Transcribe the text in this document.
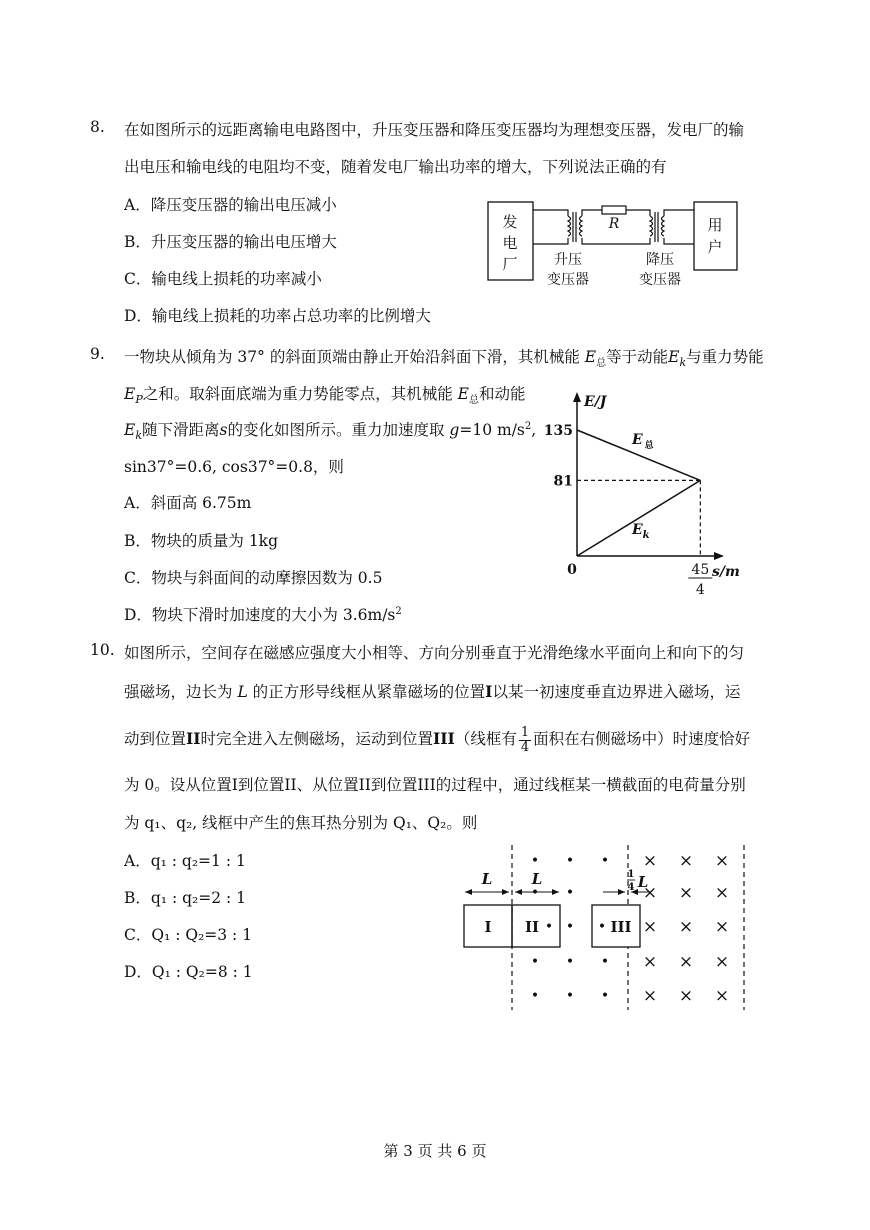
8. 在如图所示的远距离输电电路图中，升压变压器和降压变压器均为理想变压器，发电厂的输
出电压和输电线的电阻均不变，随着发电厂输出功率的增大，下列说法正确的有
A．降压变压器的输出电压减小
B．升压变压器的输出电压增大
C．输电线上损耗的功率减小
D．输电线上损耗的功率占总功率的比例增大
发
电
厂
R	用
户
升压
变压器
降压
变压器
9. 一物块从倾角为 37° 的斜面顶端由静止开始沿斜面下滑，其机械能 $E_总$等于动能$E_k$与重力势能
$E_P$之和。取斜面底端为重力势能零点，其机械能 $E_总$和动能
$E_k$随下滑距离s的变化如图所示。重力加速度取 g=10 $m/s^2$,
sin37°=0.6, cos37°=0.8，则
A．斜面高 6.75m
B．物块的质量为 1kg
C．物块与斜面间的动摩擦因数为 0.5
D．物块下滑时加速度的大小为 $3.6m/s^2$
E/J
s/m
0
135
81
E $_总$
$E_k$
45
4
10. 如图所示，空间存在磁感应强度大小相等、方向分别垂直于光滑绝缘水平面向上和向下的匀
强磁场，边长为 L 的正方形导线框从紧靠磁场的位置I以某一初速度垂直边界进入磁场，运
动到位置II时完全进入左侧磁场，运动到位置III（线框有 $\frac{1}{4}$ 面积在右侧磁场中）时速度恰好
为 0。设从位置I到位置II、从位置II到位置III的过程中，通过线框某一横截面的电荷量分别
为 q₁、q₂, 线框中产生的焦耳热分别为 Q₁、Q₂。则
A．q₁ : q₂=1 : 1
B．q₁ : q₂=2 : 1
C．Q₁ : Q₂=3 : 1
D．Q₁ : Q₂=8 : 1
• • • × × ×
• •	× × ×
•	× × ×
• • • × × ×
• • • × × ×
L	L	1
4 L
I II •	• III
第 3 页 共 6 页
